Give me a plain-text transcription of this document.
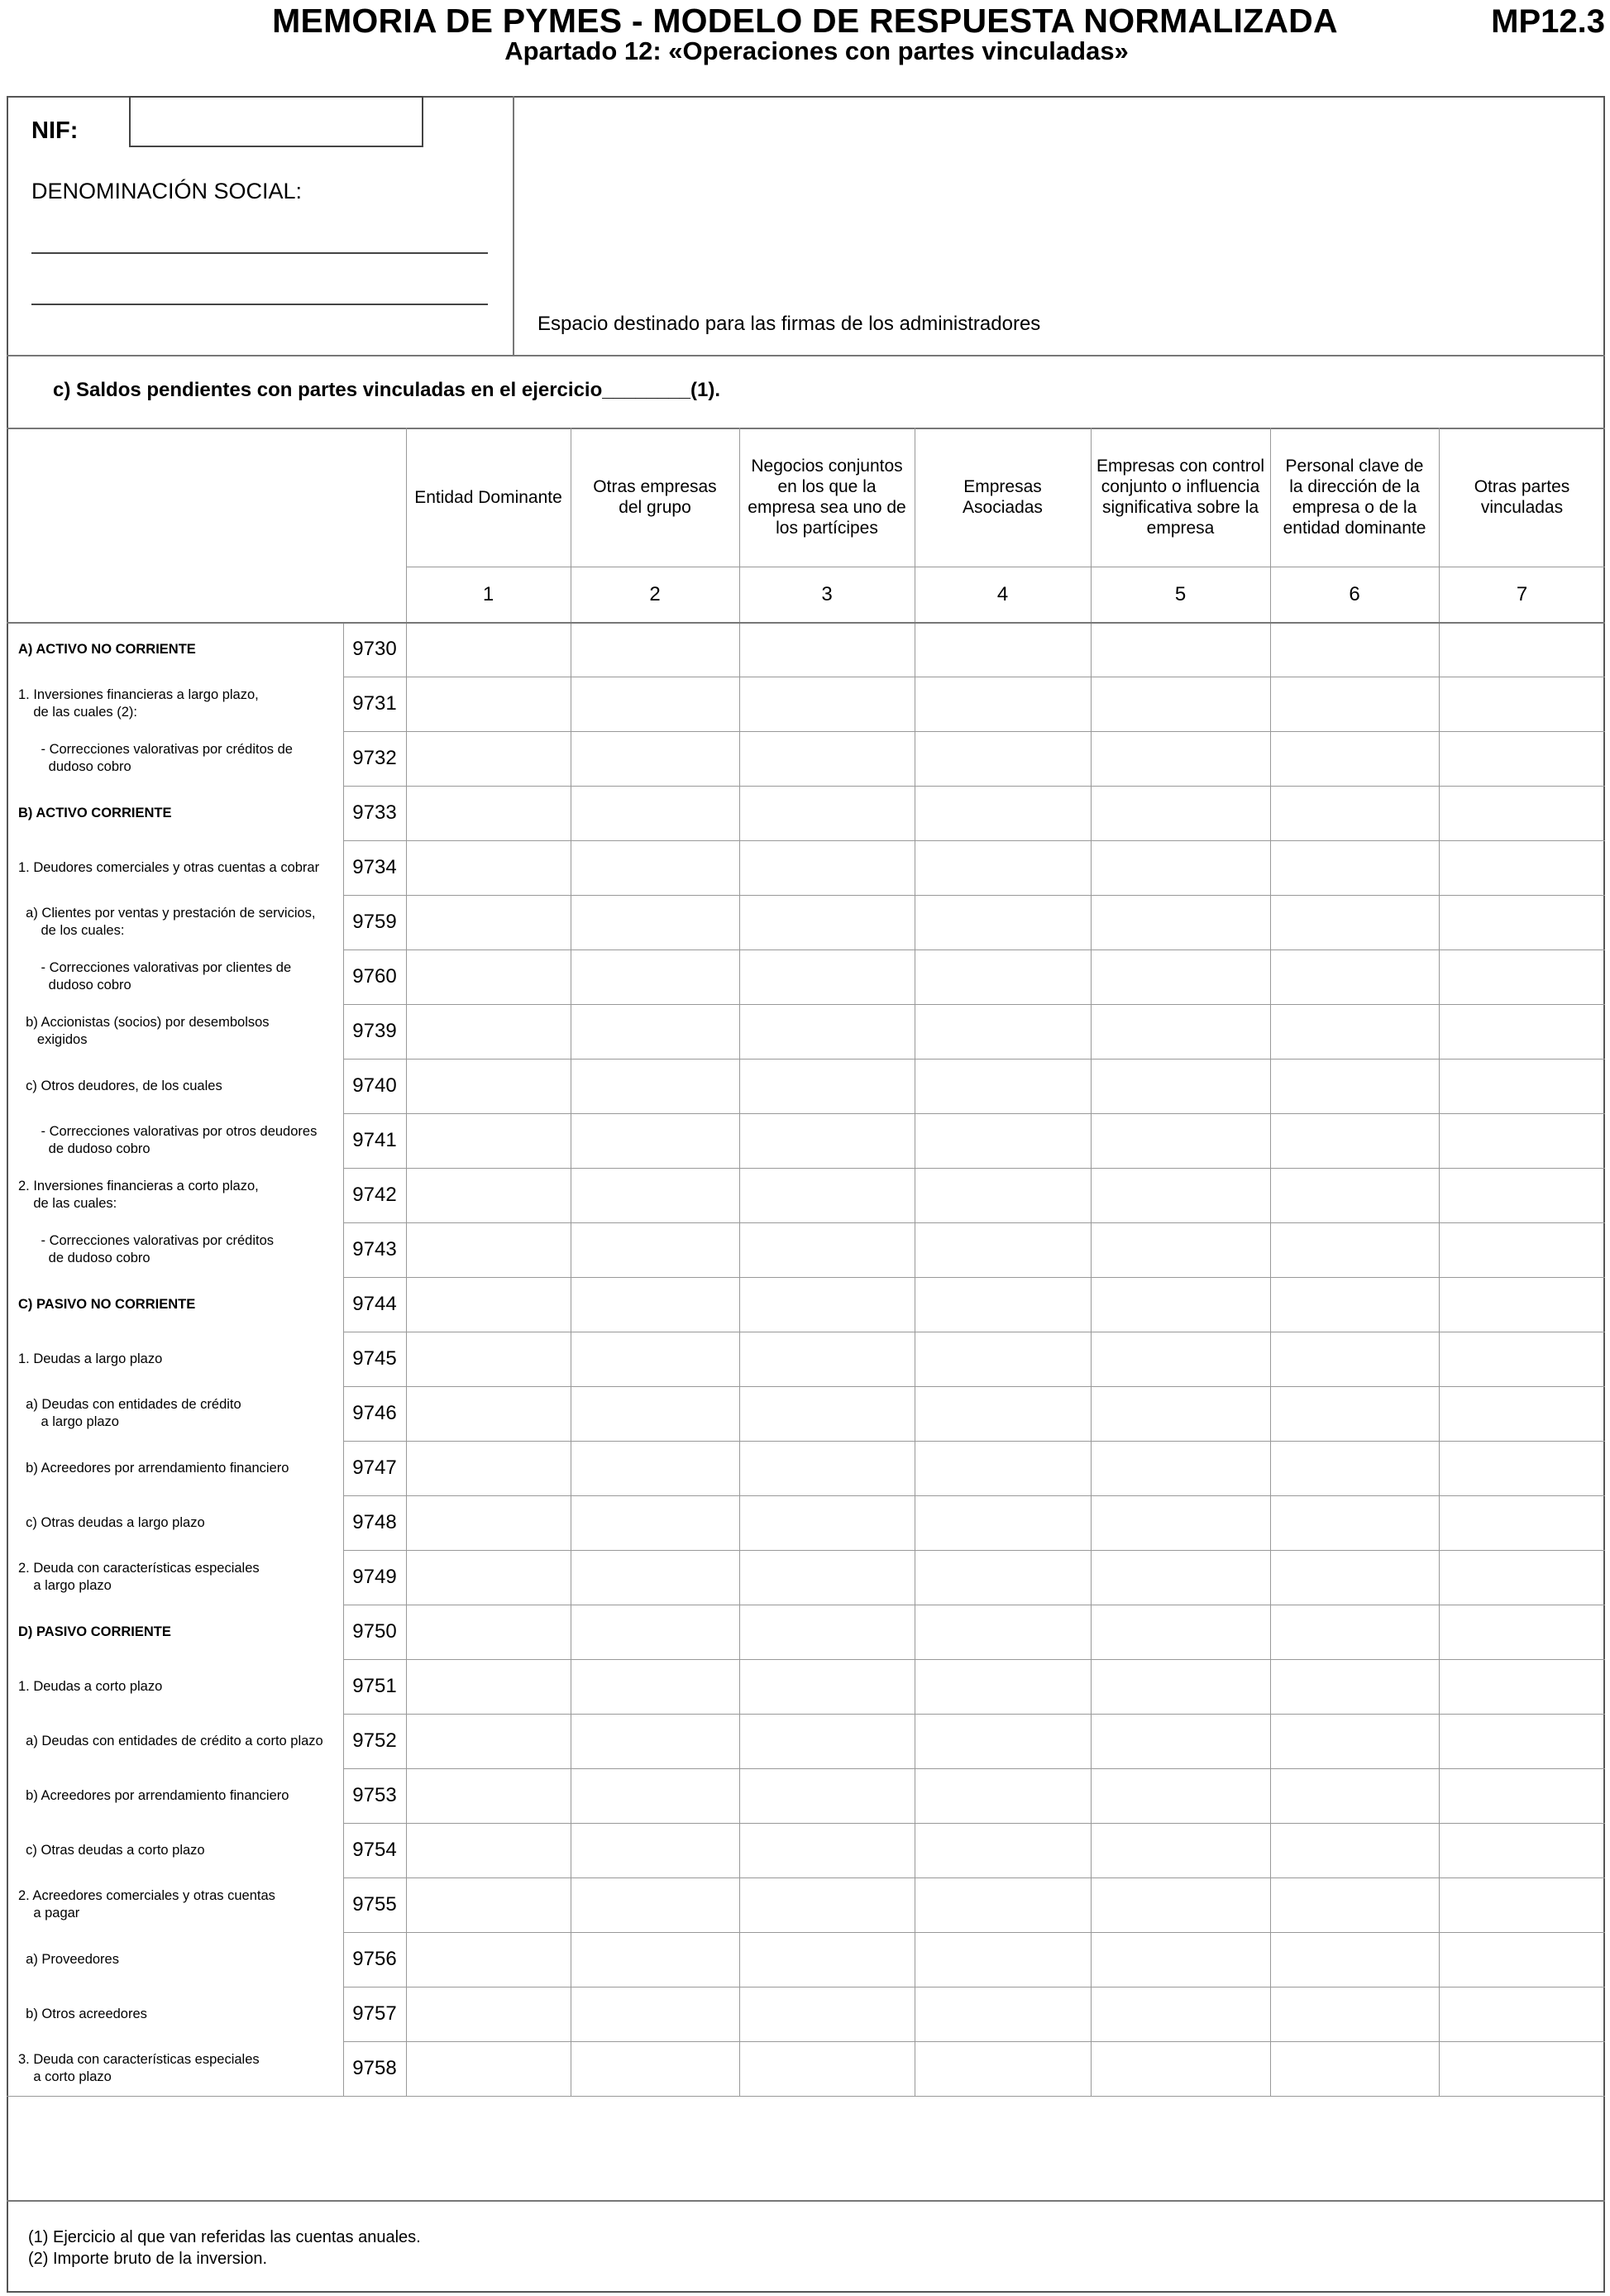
MEMORIA DE PYMES - MODELO DE RESPUESTA NORMALIZADA
Apartado 12: «Operaciones con partes vinculadas»
MP12.3
NIF:
DENOMINACIÓN SOCIAL:
Espacio destinado para las firmas de los administradores
c) Saldos pendientes con partes vinculadas en el ejercicio________(1).
Entidad Dominante
1
Otras empresas
del grupo
2
Negocios conjuntos
en los que la
empresa sea uno de
los partícipes
3
Empresas
Asociadas
4
Empresas con control
conjunto o influencia
significativa sobre la
empresa
5
Personal clave de
la dirección de la
empresa o de la
entidad dominante
6
Otras partes
vinculadas
7
A) ACTIVO NO CORRIENTE	9730
1. Inversiones financieras a largo plazo,
de las cuales (2):	9731
- Correcciones valorativas por créditos de
dudoso cobro	9732
B) ACTIVO CORRIENTE	9733
1. Deudores comerciales y otras cuentas a cobrar	9734
a) Clientes por ventas y prestación de servicios,
de los cuales:	9759
- Correcciones valorativas por clientes de
dudoso cobro	9760
b) Accionistas (socios) por desembolsos
exigidos	9739
c) Otros deudores, de los cuales	9740
- Correcciones valorativas por otros deudores
de dudoso cobro	9741
2. Inversiones financieras a corto plazo,
de las cuales:	9742
- Correcciones valorativas por créditos
de dudoso cobro	9743
C) PASIVO NO CORRIENTE	9744
1. Deudas a largo plazo	9745
a) Deudas con entidades de crédito
a largo plazo	9746
b) Acreedores por arrendamiento financiero	9747
c) Otras deudas a largo plazo	9748
2. Deuda con características especiales
a largo plazo	9749
D) PASIVO CORRIENTE	9750
1. Deudas a corto plazo	9751
a) Deudas con entidades de crédito a corto plazo	9752
b) Acreedores por arrendamiento financiero	9753
c) Otras deudas a corto plazo	9754
2. Acreedores comerciales y otras cuentas
a pagar	9755
a) Proveedores	9756
b) Otros acreedores	9757
3. Deuda con características especiales
a corto plazo	9758
(1) Ejercicio al que van referidas las cuentas anuales.
(2) Importe bruto de la inversion.
